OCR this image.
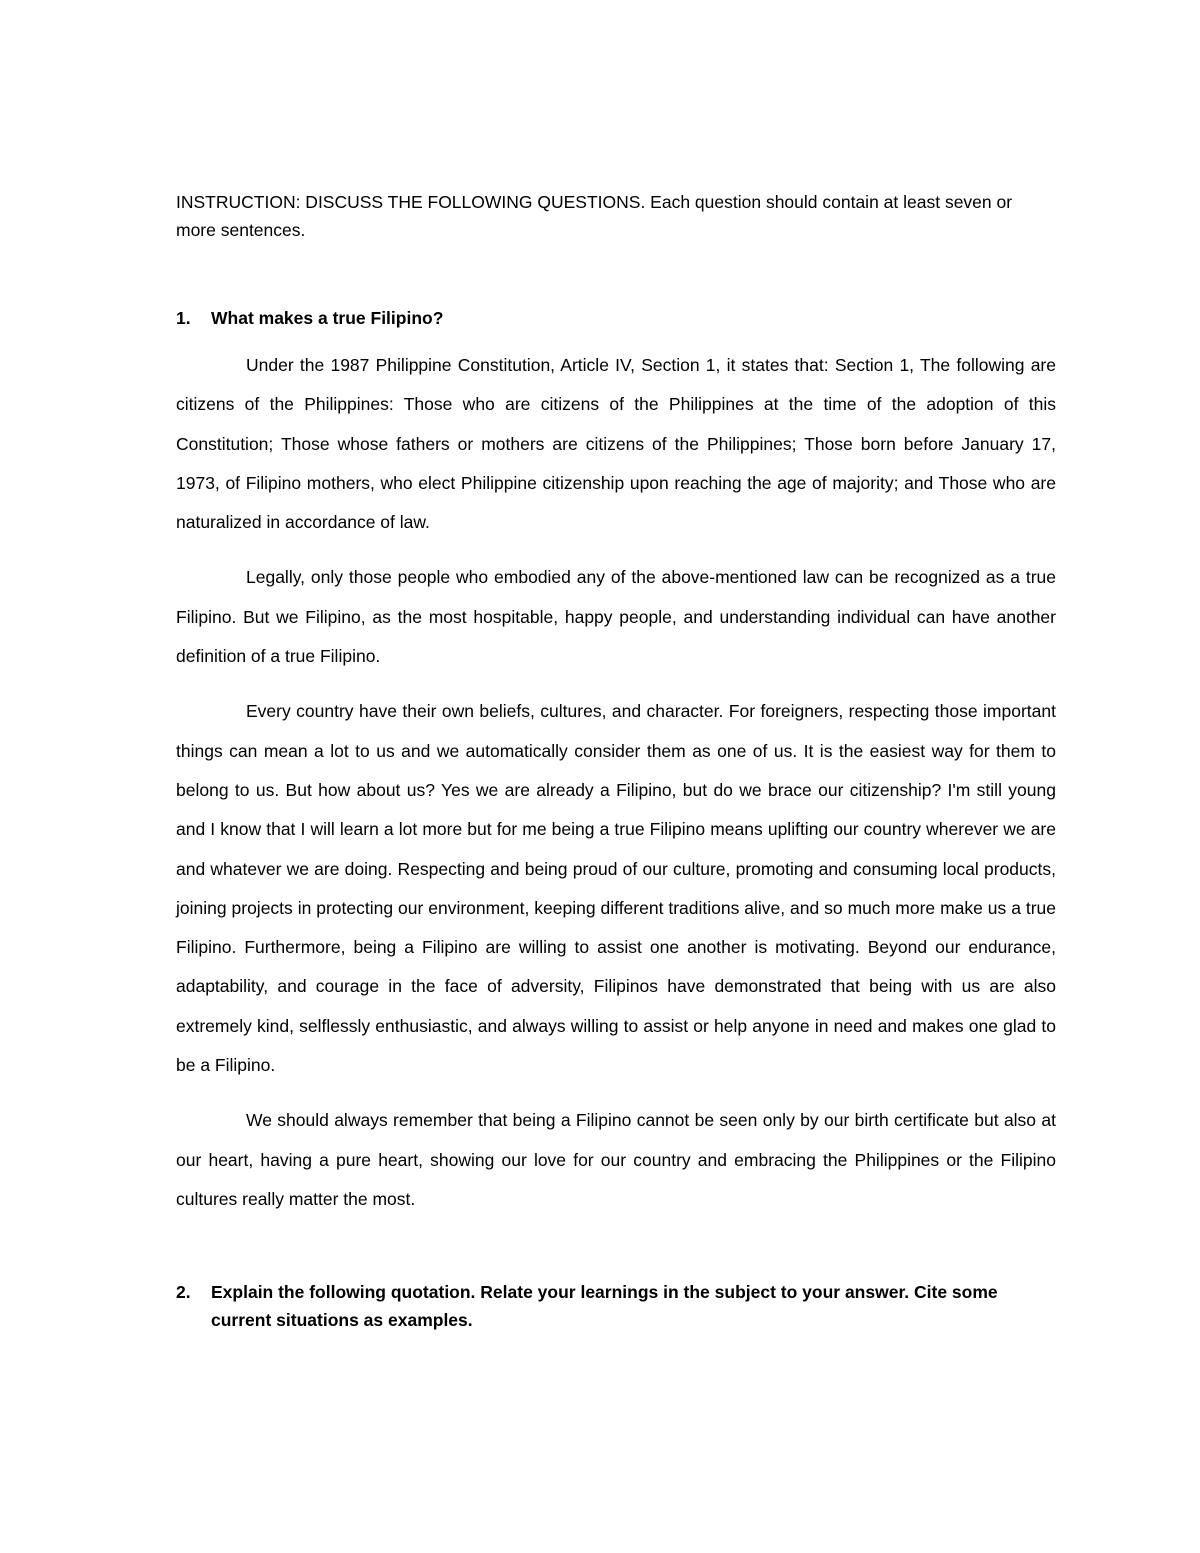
INSTRUCTION: DISCUSS THE FOLLOWING QUESTIONS. Each question should contain at least seven or more sentences.

1.	What makes a true Filipino?

Under the 1987 Philippine Constitution, Article IV, Section 1, it states that: Section 1, The following are citizens of the Philippines: Those who are citizens of the Philippines at the time of the adoption of this Constitution; Those whose fathers or mothers are citizens of the Philippines; Those born before January 17, 1973, of Filipino mothers, who elect Philippine citizenship upon reaching the age of majority; and Those who are naturalized in accordance of law.

Legally, only those people who embodied any of the above-mentioned law can be recognized as a true Filipino. But we Filipino, as the most hospitable, happy people, and understanding individual can have another definition of a true Filipino.

Every country have their own beliefs, cultures, and character. For foreigners, respecting those important things can mean a lot to us and we automatically consider them as one of us. It is the easiest way for them to belong to us. But how about us? Yes we are already a Filipino, but do we brace our citizenship? I'm still young and I know that I will learn a lot more but for me being a true Filipino means uplifting our country wherever we are and whatever we are doing. Respecting and being proud of our culture, promoting and consuming local products, joining projects in protecting our environment, keeping different traditions alive, and so much more make us a true Filipino. Furthermore, being a Filipino are willing to assist one another is motivating. Beyond our endurance, adaptability, and courage in the face of adversity, Filipinos have demonstrated that being with us are also extremely kind, selflessly enthusiastic, and always willing to assist or help anyone in need and makes one glad to be a Filipino.

We should always remember that being a Filipino cannot be seen only by our birth certificate but also at our heart, having a pure heart, showing our love for our country and embracing the Philippines or the Filipino cultures really matter the most.

2.	Explain the following quotation. Relate your learnings in the subject to your answer. Cite some current situations as examples.
